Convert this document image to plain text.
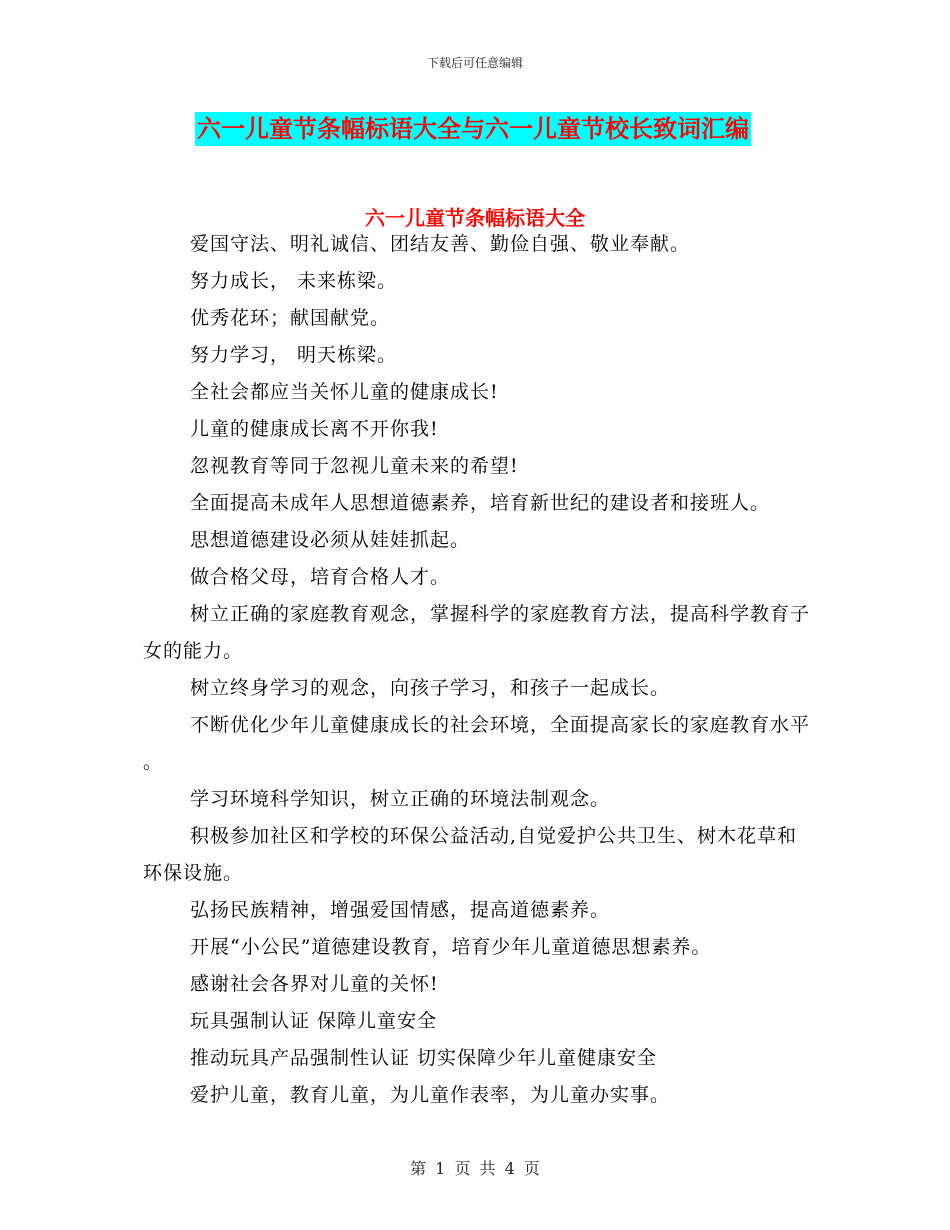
下载后可任意编辑
六一儿童节条幅标语大全与六一儿童节校长致词汇编
六一儿童节条幅标语大全

爱国守法、明礼诚信、团结友善、勤俭自强、敬业奉献。

努力成长， 未来栋梁。

优秀花环；献国献党。

努力学习， 明天栋梁。

全社会都应当关怀儿童的健康成长!

儿童的健康成长离不开你我!

忽视教育等同于忽视儿童未来的希望!

全面提高未成年人思想道德素养，培育新世纪的建设者和接班人。

思想道德建设必须从娃娃抓起。

做合格父母，培育合格人才。

树立正确的家庭教育观念，掌握科学的家庭教育方法，提高科学教育子女的能力。

树立终身学习的观念，向孩子学习，和孩子一起成长。

不断优化少年儿童健康成长的社会环境，全面提高家长的家庭教育水平 。

学习环境科学知识，树立正确的环境法制观念。

积极参加社区和学校的环保公益活动,自觉爱护公共卫生、树木花草和环保设施。

弘扬民族精神，增强爱国情感，提高道德素养。

开展“小公民”道德建设教育，培育少年儿童道德思想素养。

感谢社会各界对儿童的关怀!

玩具强制认证 保障儿童安全

推动玩具产品强制性认证 切实保障少年儿童健康安全

爱护儿童，教育儿童，为儿童作表率，为儿童办实事。

第 1 页 共 4 页
